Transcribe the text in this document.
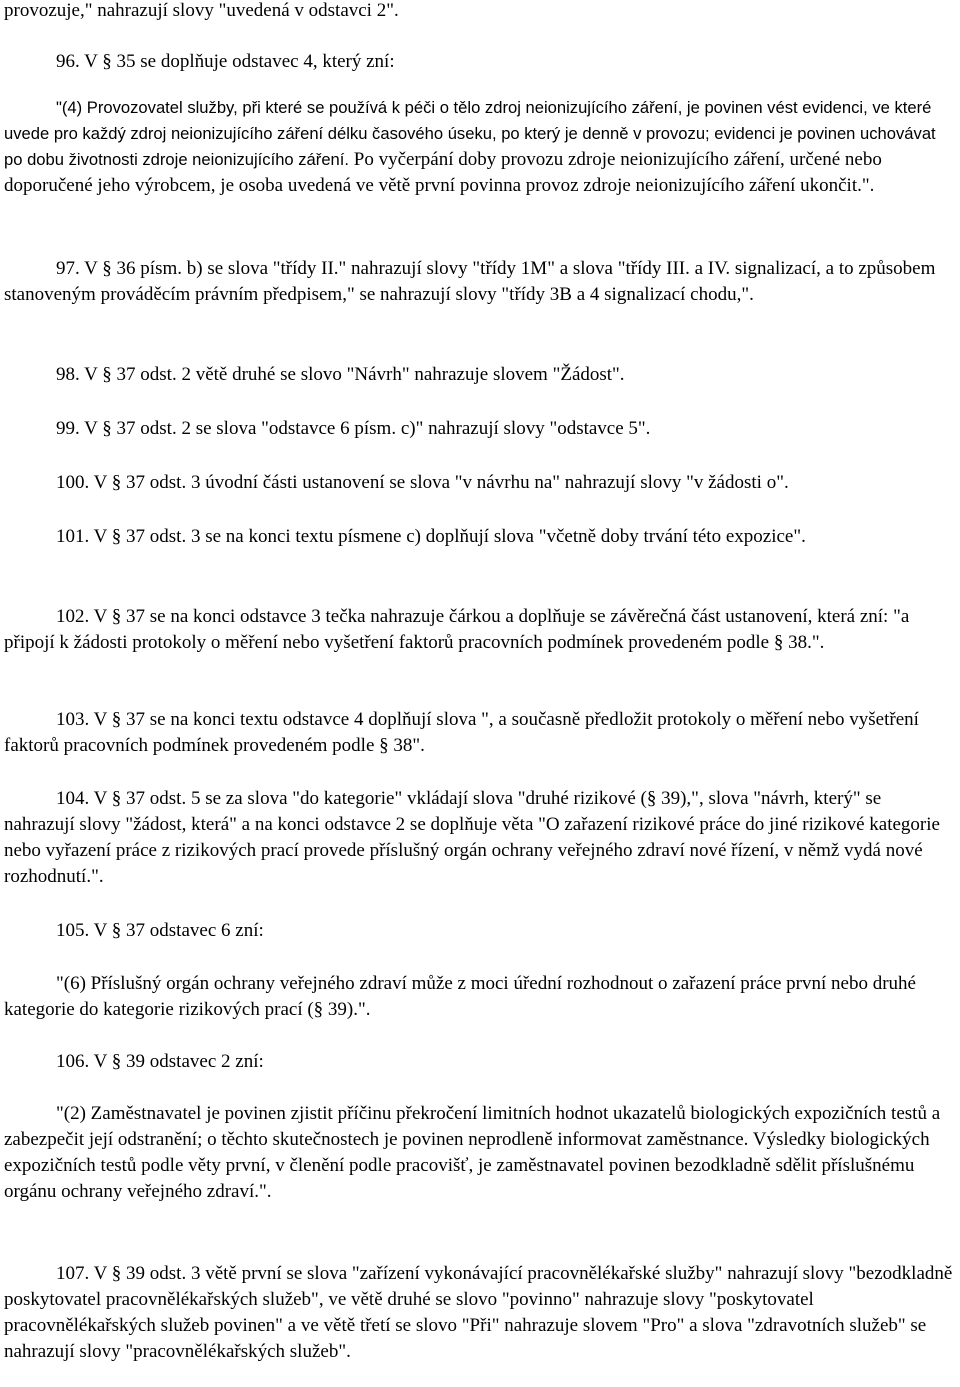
provozuje," nahrazují slovy "uvedená v odstavci 2".

96. V § 35 se doplňuje odstavec 4, který zní:

"(4) Provozovatel služby, při které se používá k péči o tělo zdroj neionizujícího záření, je povinen vést evidenci, ve které uvede pro každý zdroj neionizujícího záření délku časového úseku, po který je denně v provozu; evidenci je povinen uchovávat po dobu životnosti zdroje neionizujícího záření. Po vyčerpání doby provozu zdroje neionizujícího záření, určené nebo doporučené jeho výrobcem, je osoba uvedená ve větě první povinna provoz zdroje neionizujícího záření ukončit.".

97. V § 36 písm. b) se slova "třídy II." nahrazují slovy "třídy 1M" a slova "třídy III. a IV. signalizací, a to způsobem stanoveným prováděcím právním předpisem," se nahrazují slovy "třídy 3B a 4 signalizací chodu,".

98. V § 37 odst. 2 větě druhé se slovo "Návrh" nahrazuje slovem "Žádost".

99. V § 37 odst. 2 se slova "odstavce 6 písm. c)" nahrazují slovy "odstavce 5".

100. V § 37 odst. 3 úvodní části ustanovení se slova "v návrhu na" nahrazují slovy "v žádosti o".

101. V § 37 odst. 3 se na konci textu písmene c) doplňují slova "včetně doby trvání této expozice".

102. V § 37 se na konci odstavce 3 tečka nahrazuje čárkou a doplňuje se závěrečná část ustanovení, která zní: "a připojí k žádosti protokoly o měření nebo vyšetření faktorů pracovních podmínek provedeném podle § 38.".

103. V § 37 se na konci textu odstavce 4 doplňují slova ", a současně předložit protokoly o měření nebo vyšetření faktorů pracovních podmínek provedeném podle § 38".

104. V § 37 odst. 5 se za slova "do kategorie" vkládají slova "druhé rizikové (§ 39),", slova "návrh, který" se nahrazují slovy "žádost, která" a na konci odstavce 2 se doplňuje věta "O zařazení rizikové práce do jiné rizikové kategorie nebo vyřazení práce z rizikových prací provede příslušný orgán ochrany veřejného zdraví nové řízení, v němž vydá nové rozhodnutí.".

105. V § 37 odstavec 6 zní:

"(6) Příslušný orgán ochrany veřejného zdraví může z moci úřední rozhodnout o zařazení práce první nebo druhé kategorie do kategorie rizikových prací (§ 39).".

106. V § 39 odstavec 2 zní:

"(2) Zaměstnavatel je povinen zjistit příčinu překročení limitních hodnot ukazatelů biologických expozičních testů a zabezpečit její odstranění; o těchto skutečnostech je povinen neprodleně informovat zaměstnance. Výsledky biologických expozičních testů podle věty první, v členění podle pracovišť, je zaměstnavatel povinen bezodkladně sdělit příslušnému orgánu ochrany veřejného zdraví.".

107. V § 39 odst. 3 větě první se slova "zařízení vykonávající pracovnělékařské služby" nahrazují slovy "bezodkladně poskytovatel pracovnělékařských služeb", ve větě druhé se slovo "povinno" nahrazuje slovy "poskytovatel pracovnělékařských služeb povinen" a ve větě třetí se slovo "Při" nahrazuje slovem "Pro" a slova "zdravotních služeb" se nahrazují slovy "pracovnělékařských služeb".
